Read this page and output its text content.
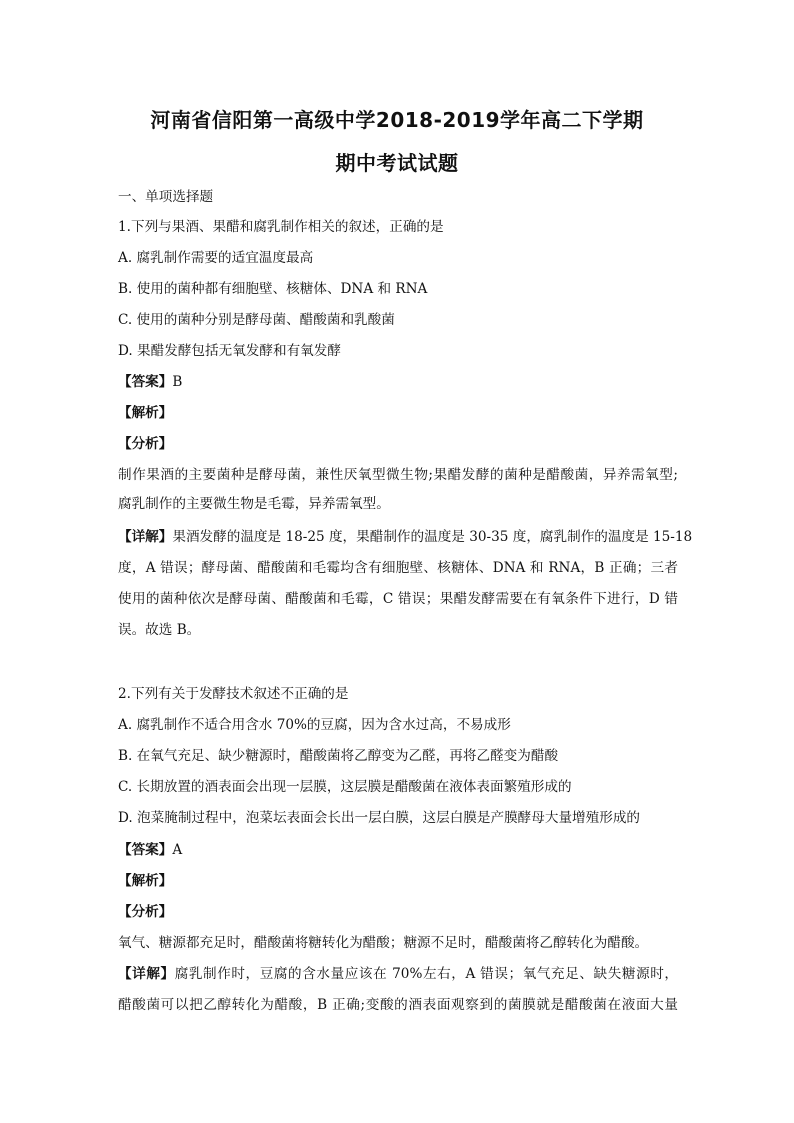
河南省信阳第一高级中学2018-2019学年高二下学期
期中考试试题
一、单项选择题
1.下列与果酒、果醋和腐乳制作相关的叙述，正确的是
A. 腐乳制作需要的适宜温度最高
B. 使用的菌种都有细胞壁、核糖体、DNA 和 RNA
C. 使用的菌种分别是酵母菌、醋酸菌和乳酸菌
D. 果醋发酵包括无氧发酵和有氧发酵
【答案】B
【解析】
【分析】
制作果酒的主要菌种是酵母菌，兼性厌氧型微生物;果醋发酵的菌种是醋酸菌，异养需氧型;
腐乳制作的主要微生物是毛霉，异养需氧型。
【详解】果酒发酵的温度是 18-25 度，果醋制作的温度是 30-35 度，腐乳制作的温度是 15-18
度，A 错误；酵母菌、醋酸菌和毛霉均含有细胞壁、核糖体、DNA 和 RNA，B 正确；三者
使用的菌种依次是酵母菌、醋酸菌和毛霉，C 错误；果醋发酵需要在有氧条件下进行，D 错
误。故选 B。
2.下列有关于发酵技术叙述不正确的是
A. 腐乳制作不适合用含水 70%的豆腐，因为含水过高，不易成形
B. 在氧气充足、缺少糖源时，醋酸菌将乙醇变为乙醛，再将乙醛变为醋酸
C. 长期放置的酒表面会出现一层膜，这层膜是醋酸菌在液体表面繁殖形成的
D. 泡菜腌制过程中，泡菜坛表面会长出一层白膜，这层白膜是产膜酵母大量增殖形成的
【答案】A
【解析】
【分析】
氧气、糖源都充足时，醋酸菌将糖转化为醋酸；糖源不足时，醋酸菌将乙醇转化为醋酸。
【详解】腐乳制作时，豆腐的含水量应该在 70%左右，A 错误；氧气充足、缺失糖源时，
醋酸菌可以把乙醇转化为醋酸，B 正确;变酸的酒表面观察到的菌膜就是醋酸菌在液面大量
